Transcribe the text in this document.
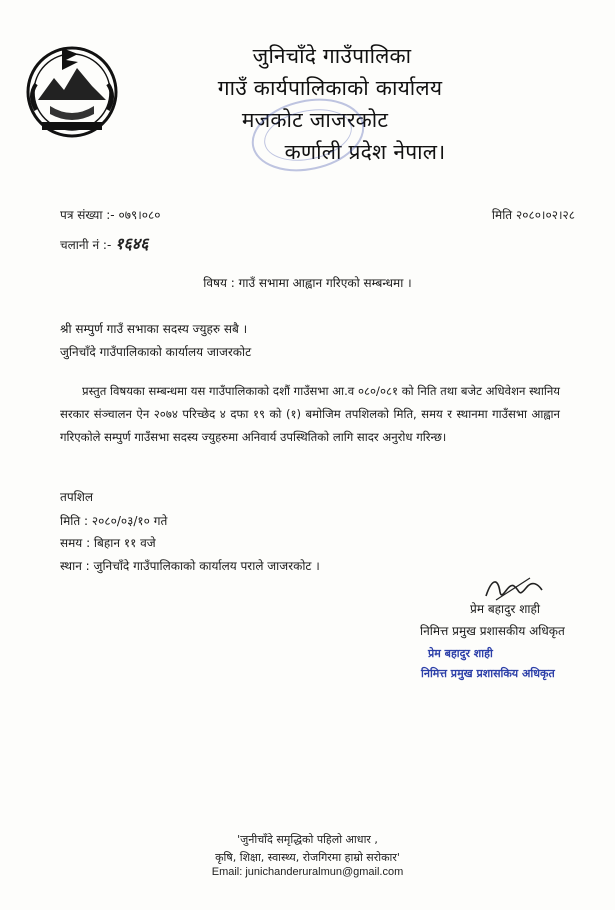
जुनिचाँदे गाउँपालिका
गाउँ कार्यपालिकाको कार्यालय
मजकोट जाजरकोट
कर्णाली प्रदेश नेपाल।
पत्र संख्या :- ०७९।०८०
चलानी नं :- १६४६
मिति २०८०।०२।२८
विषय : गाउँ सभामा आह्वान गरिएको सम्बन्धमा ।
श्री सम्पुर्ण गाउँ सभाका सदस्य ज्युहरु सबै ।
जुनिचाँदे गाउँपालिकाको कार्यालय जाजरकोट
प्रस्तुत विषयका सम्बन्धमा यस गाउँपालिकाको दशौं गाउँसभा आ.व ०८०/०८१ को निति तथा बजेट अधिवेशन स्थानिय सरकार संञ्चालन ऐन २०७४ परिच्छेद ४ दफा १९ को (१) बमोजिम तपशिलको मिति, समय र स्थानमा गाउँसभा आह्वान गरिएकोले सम्पुर्ण गाउँसभा सदस्य ज्युहरुमा अनिवार्य उपस्थितिको लागि सादर अनुरोध गरिन्छ।
तपशिल
मिति : २०८०/०३/१० गते
समय : बिहान ११ वजे
स्थान : जुनिचाँदे गाउँपालिकाको कार्यालय पराले जाजरकोट ।
प्रेम बहादुर शाही
निमित्त प्रमुख प्रशासकीय अधिकृत
प्रेम बहादुर शाही
निमित्त प्रमुख प्रशासकिय अधिकृत
'जुनीचाँदे समृद्धिको पहिलो आधार ,
कृषि, शिक्षा, स्वास्थ्य, रोजगिरमा हाम्रो सरोकार'
Email: junichanderuralmun@gmail.com
